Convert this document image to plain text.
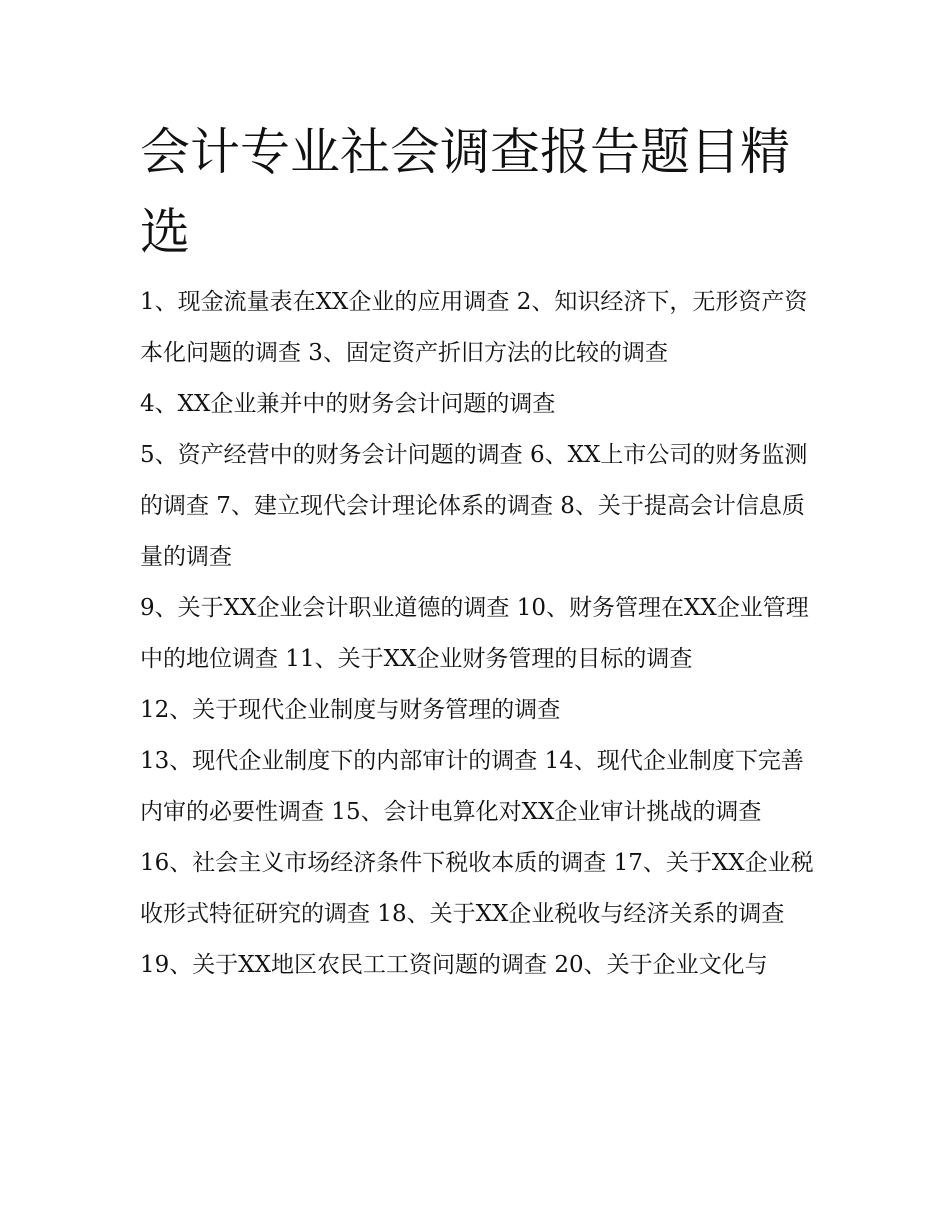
会计专业社会调查报告题目精选

1、现金流量表在XX企业的应用调查 2、知识经济下，无形资产资本化问题的调查 3、固定资产折旧方法的比较的调查

4、XX企业兼并中的财务会计问题的调查

5、资产经营中的财务会计问题的调查 6、XX上市公司的财务监测的调查 7、建立现代会计理论体系的调查 8、关于提高会计信息质量的调查

9、关于XX企业会计职业道德的调查 10、财务管理在XX企业管理中的地位调查 11、关于XX企业财务管理的目标的调查

12、关于现代企业制度与财务管理的调查

13、现代企业制度下的内部审计的调查 14、现代企业制度下完善内审的必要性调查 15、会计电算化对XX企业审计挑战的调查

16、社会主义市场经济条件下税收本质的调查 17、关于XX企业税收形式特征研究的调查 18、关于XX企业税收与经济关系的调查

19、关于XX地区农民工工资问题的调查 20、关于企业文化与
